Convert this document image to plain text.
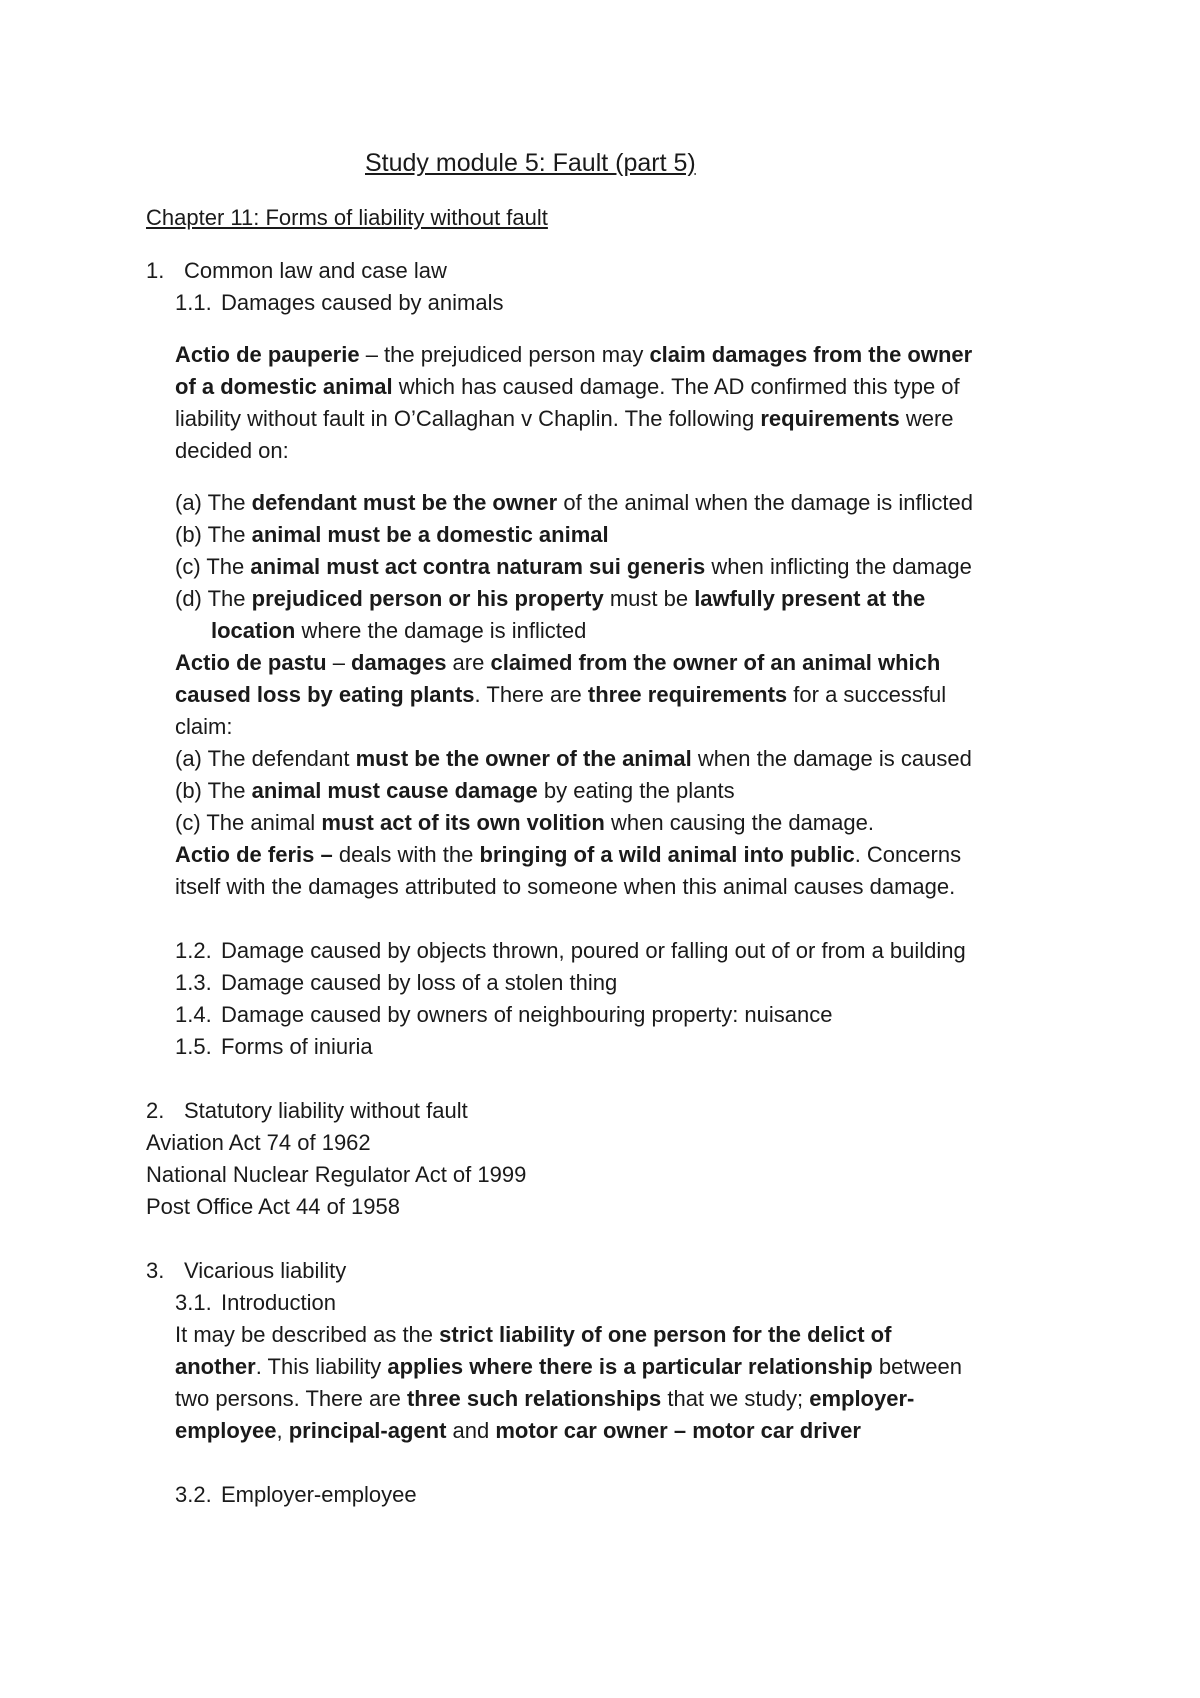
Study module 5: Fault (part 5)
Chapter 11: Forms of liability without fault
1. Common law and case law
1.1. Damages caused by animals
Actio de pauperie – the prejudiced person may claim damages from the owner
of a domestic animal which has caused damage. The AD confirmed this type of
liability without fault in O’Callaghan v Chaplin. The following requirements were
decided on:
(a) The defendant must be the owner of the animal when the damage is inflicted
(b) The animal must be a domestic animal
(c) The animal must act contra naturam sui generis when inflicting the damage
(d) The prejudiced person or his property must be lawfully present at the
location where the damage is inflicted
Actio de pastu – damages are claimed from the owner of an animal which
caused loss by eating plants. There are three requirements for a successful
claim:
(a) The defendant must be the owner of the animal when the damage is caused
(b) The animal must cause damage by eating the plants
(c) The animal must act of its own volition when causing the damage.
Actio de feris – deals with the bringing of a wild animal into public. Concerns
itself with the damages attributed to someone when this animal causes damage.
1.2. Damage caused by objects thrown, poured or falling out of or from a building
1.3. Damage caused by loss of a stolen thing
1.4. Damage caused by owners of neighbouring property: nuisance
1.5. Forms of iniuria
2. Statutory liability without fault
Aviation Act 74 of 1962
National Nuclear Regulator Act of 1999
Post Office Act 44 of 1958
3. Vicarious liability
3.1. Introduction
It may be described as the strict liability of one person for the delict of
another. This liability applies where there is a particular relationship between
two persons. There are three such relationships that we study; employer-
employee, principal-agent and motor car owner – motor car driver
3.2. Employer-employee
